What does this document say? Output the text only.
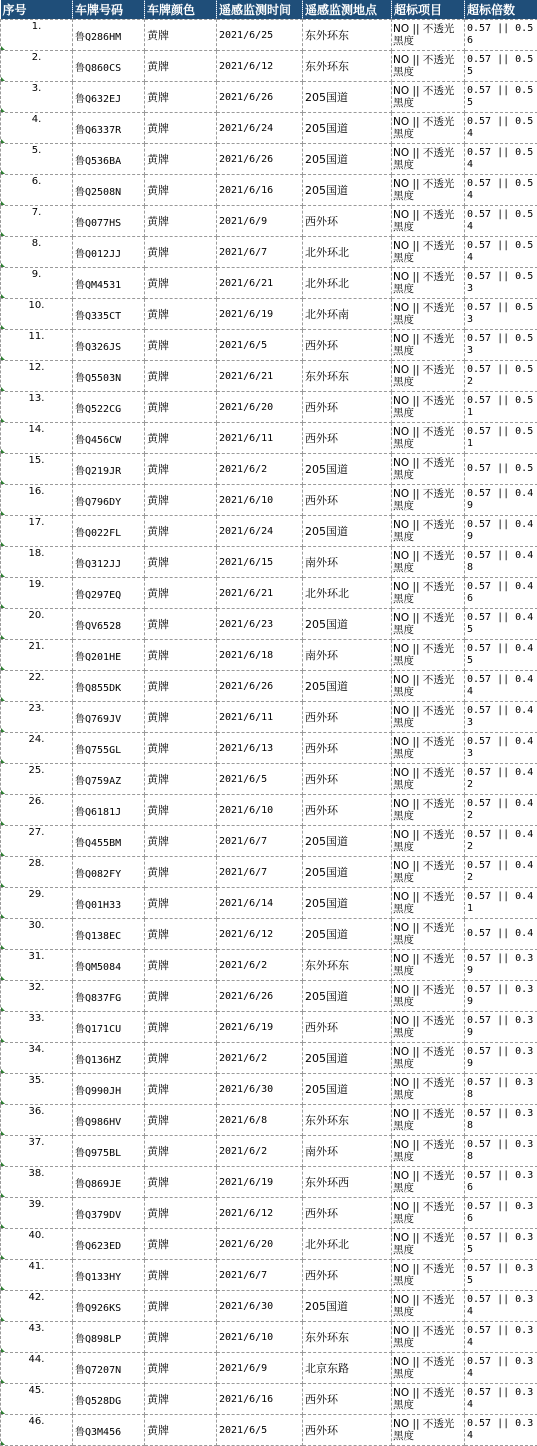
序号	车牌号码	车牌颜色	遥感监测时间	遥感监测地点	超标项目	超标倍数
1.	鲁Q286HM	黄牌	2021/6/25	东外环东	NO || 不透光黑度	0.57 || 0.56
2.	鲁Q860CS	黄牌	2021/6/12	东外环东	NO || 不透光黑度	0.57 || 0.55
3.	鲁Q632EJ	黄牌	2021/6/26	205国道	NO || 不透光黑度	0.57 || 0.55
4.	鲁Q6337R	黄牌	2021/6/24	205国道	NO || 不透光黑度	0.57 || 0.54
5.	鲁Q536BA	黄牌	2021/6/26	205国道	NO || 不透光黑度	0.57 || 0.54
6.	鲁Q2508N	黄牌	2021/6/16	205国道	NO || 不透光黑度	0.57 || 0.54
7.	鲁Q077HS	黄牌	2021/6/9	西外环	NO || 不透光黑度	0.57 || 0.54
8.	鲁Q012JJ	黄牌	2021/6/7	北外环北	NO || 不透光黑度	0.57 || 0.54
9.	鲁QM4531	黄牌	2021/6/21	北外环北	NO || 不透光黑度	0.57 || 0.53
10.	鲁Q335CT	黄牌	2021/6/19	北外环南	NO || 不透光黑度	0.57 || 0.53
11.	鲁Q326JS	黄牌	2021/6/5	西外环	NO || 不透光黑度	0.57 || 0.53
12.	鲁Q5503N	黄牌	2021/6/21	东外环东	NO || 不透光黑度	0.57 || 0.52
13.	鲁Q522CG	黄牌	2021/6/20	西外环	NO || 不透光黑度	0.57 || 0.51
14.	鲁Q456CW	黄牌	2021/6/11	西外环	NO || 不透光黑度	0.57 || 0.51
15.	鲁Q219JR	黄牌	2021/6/2	205国道	NO || 不透光黑度	0.57 || 0.5
16.	鲁Q796DY	黄牌	2021/6/10	西外环	NO || 不透光黑度	0.57 || 0.49
17.	鲁Q022FL	黄牌	2021/6/24	205国道	NO || 不透光黑度	0.57 || 0.49
18.	鲁Q312JJ	黄牌	2021/6/15	南外环	NO || 不透光黑度	0.57 || 0.48
19.	鲁Q297EQ	黄牌	2021/6/21	北外环北	NO || 不透光黑度	0.57 || 0.46
20.	鲁QV6528	黄牌	2021/6/23	205国道	NO || 不透光黑度	0.57 || 0.45
21.	鲁Q201HE	黄牌	2021/6/18	南外环	NO || 不透光黑度	0.57 || 0.45
22.	鲁Q855DK	黄牌	2021/6/26	205国道	NO || 不透光黑度	0.57 || 0.44
23.	鲁Q769JV	黄牌	2021/6/11	西外环	NO || 不透光黑度	0.57 || 0.43
24.	鲁Q755GL	黄牌	2021/6/13	西外环	NO || 不透光黑度	0.57 || 0.43
25.	鲁Q759AZ	黄牌	2021/6/5	西外环	NO || 不透光黑度	0.57 || 0.42
26.	鲁Q6181J	黄牌	2021/6/10	西外环	NO || 不透光黑度	0.57 || 0.42
27.	鲁Q455BM	黄牌	2021/6/7	205国道	NO || 不透光黑度	0.57 || 0.42
28.	鲁Q082FY	黄牌	2021/6/7	205国道	NO || 不透光黑度	0.57 || 0.42
29.	鲁Q01H33	黄牌	2021/6/14	205国道	NO || 不透光黑度	0.57 || 0.41
30.	鲁Q138EC	黄牌	2021/6/12	205国道	NO || 不透光黑度	0.57 || 0.4
31.	鲁QM5084	黄牌	2021/6/2	东外环东	NO || 不透光黑度	0.57 || 0.39
32.	鲁Q837FG	黄牌	2021/6/26	205国道	NO || 不透光黑度	0.57 || 0.39
33.	鲁Q171CU	黄牌	2021/6/19	西外环	NO || 不透光黑度	0.57 || 0.39
34.	鲁Q136HZ	黄牌	2021/6/2	205国道	NO || 不透光黑度	0.57 || 0.39
35.	鲁Q990JH	黄牌	2021/6/30	205国道	NO || 不透光黑度	0.57 || 0.38
36.	鲁Q986HV	黄牌	2021/6/8	东外环东	NO || 不透光黑度	0.57 || 0.38
37.	鲁Q975BL	黄牌	2021/6/2	南外环	NO || 不透光黑度	0.57 || 0.38
38.	鲁Q869JE	黄牌	2021/6/19	东外环西	NO || 不透光黑度	0.57 || 0.36
39.	鲁Q379DV	黄牌	2021/6/12	西外环	NO || 不透光黑度	0.57 || 0.36
40.	鲁Q623ED	黄牌	2021/6/20	北外环北	NO || 不透光黑度	0.57 || 0.35
41.	鲁Q133HY	黄牌	2021/6/7	西外环	NO || 不透光黑度	0.57 || 0.35
42.	鲁Q926KS	黄牌	2021/6/30	205国道	NO || 不透光黑度	0.57 || 0.34
43.	鲁Q898LP	黄牌	2021/6/10	东外环东	NO || 不透光黑度	0.57 || 0.34
44.	鲁Q7207N	黄牌	2021/6/9	北京东路	NO || 不透光黑度	0.57 || 0.34
45.	鲁Q528DG	黄牌	2021/6/16	西外环	NO || 不透光黑度	0.57 || 0.34
46.	鲁Q3M456	黄牌	2021/6/5	西外环	NO || 不透光黑度	0.57 || 0.34
